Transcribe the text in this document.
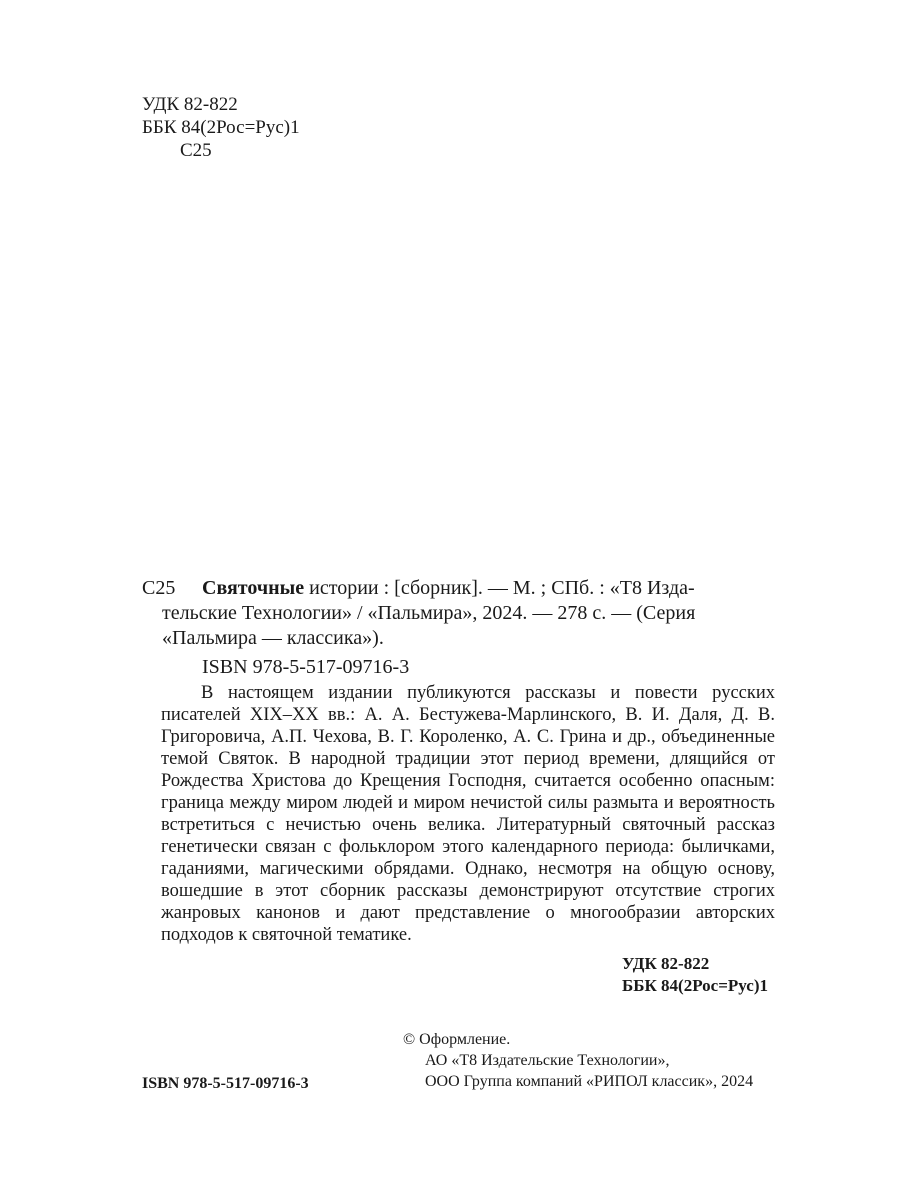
УДК 82-822
ББК 84(2Рос=Рус)1
С25

С25 Святочные истории : [сборник]. — М. ; СПб. : «Т8 Изда-

тельские Технологии» / «Пальмира», 2024. — 278 с. — (Серия

«Пальмира — классика»).

ISBN 978-5-517-09716-3

В настоящем издании публикуются рассказы и повести русских писателей XIX–XX вв.: А. А. Бестужева-Марлинского, В. И. Даля, Д. В. Григоровича, А.П. Чехова, В. Г. Короленко, А. С. Грина и др., объединенные темой Святок. В народной традиции этот период времени, длящийся от Рождества Христова до Крещения Господня, считается особенно опасным: граница между миром людей и миром нечистой силы размыта и вероятность встретиться с нечистью очень велика. Литературный святочный рассказ генетически связан с фольклором этого календарного периода: быличками, гаданиями, магическими обрядами. Однако, несмотря на общую основу, вошедшие в этот сборник рассказы демонстрируют отсутствие строгих жанровых канонов и дают представление о многообразии авторских подходов к святочной тематике.

УДК 82-822
ББК 84(2Рос=Рус)1
© Оформление.
АО «Т8 Издательские Технологии»,
ООО Группа компаний «РИПОЛ классик», 2024
ISBN 978-5-517-09716-3
